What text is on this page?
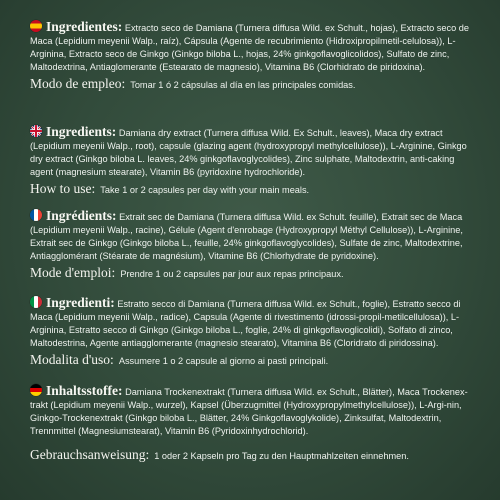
Ingredientes: Extracto seco de Damiana (Turnera diffusa Wild. ex Schult., hojas), Extracto seco de Maca (Lepidium meyenii Walp., raíz), Cápsula (Agente de recubrimiento (Hidroxipropilmetil-celulosa)), L-Arginina, Extracto seco de Ginkgo (Ginkgo biloba L., hojas, 24% ginkgoflavoglicolidos), Sulfato de zinc, Maltodextrina, Antiaglomerante (Estearato de magnesio), Vitamina B6 (Clorhidrato de piridoxina).

Modo de empleo: Tomar 1 ó 2 cápsulas al día en las principales comidas.

Ingredients: Damiana dry extract (Turnera diffusa Wild. Ex Schult., leaves), Maca dry extract (Lepidium meyenii Walp., root), capsule (glazing agent (hydroxypropyl methylcellulose)), L-Arginine, Ginkgo dry extract (Ginkgo biloba L. leaves, 24% ginkgoflavoglycolides), Zinc sulphate, Maltodextrin, anti-caking agent (magnesium stearate), Vitamin B6 (pyridoxine hydrochloride).

How to use: Take 1 or 2 capsules per day with your main meals.

Ingrédients: Extrait sec de Damiana (Turnera diffusa Wild. ex Schult. feuille), Extrait sec de Maca (Lepidium meyenii Walp., racine), Gélule (Agent d'enrobage (Hydroxypropyl Méthyl Cellulose)), L-Arginine, Extrait sec de Ginkgo (Ginkgo biloba L., feuille, 24% ginkgoflavoglycolides), Sulfate de zinc, Maltodextrine, Antiagglomérant (Stéarate de magnésium), Vitamine B6 (Chlorhydrate de pyridoxine).

Mode d'emploi: Prendre 1 ou 2 capsules par jour aux repas principaux.

Ingredienti: Estratto secco di Damiana (Turnera diffusa Wild. ex Schult., foglie), Estratto secco di Maca (Lepidium meyenii Walp., radice), Capsula (Agente di rivestimento (idrossi-propil-metilcellulosa)), L-Arginina, Estratto secco di Ginkgo (Ginkgo biloba L., foglie, 24% di ginkgoflavoglicolidi), Solfato di zinco, Maltodestrina, Agente antiagglomerante (magnesio stearato), Vitamina B6 (Cloridrato di piridossina).

Modalita d'uso: Assumere 1 o 2 capsule al giorno ai pasti principali.

Inhaltsstoffe: Damiana Trockenextrakt (Turnera diffusa Wild. ex Schult., Blätter), Maca Trockenex-trakt (Lepidium meyenii Walp., wurzel), Kapsel (Überzugmittel (Hydroxypropylmethylcellulose)), L-Argi-nin, Ginkgo-Trockenextrakt (Ginkgo biloba L., Blätter, 24% Ginkgoflavoglykolide), Zinksulfat, Maltodextrin, Trennmittel (Magnesiumstearat), Vitamin B6 (Pyridoxinhydrochlorid).

Gebrauchsanweisung: 1 oder 2 Kapseln pro Tag zu den Hauptmahlzeiten einnehmen.
